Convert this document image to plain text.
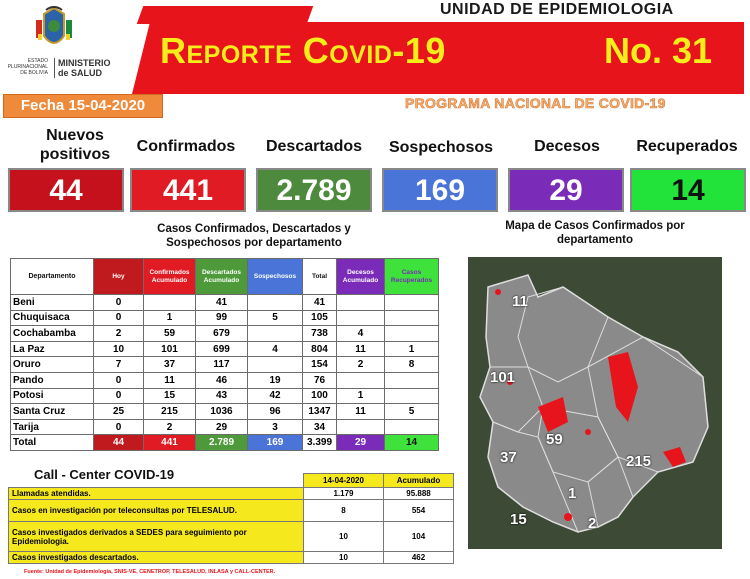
ESTADO PLURINACIONAL DE BOLIVIA
MINISTERIO de SALUD
UNIDAD DE EPIDEMIOLOGIA
Reporte Covid-19	No. 31
Fecha 15-04-2020	PROGRAMA NACIONAL DE COVID-19
Nuevos positivos	Confirmados	Descartados	Sospechosos	Decesos	Recuperados
44	441	2.789	169	29	14
Casos Confirmados, Descartados y Sospechosos por departamento
Mapa de Casos Confirmados por departamento
Departamento	Hoy	Confirmados Acumulado	Descartados Acumulado	Sospechosos	Total	Decesos Acumulado	Casos Recuperados
Beni	0		41		41		
Chuquisaca	0	1	99	5	105		
Cochabamba	2	59	679		738	4	
La Paz	10	101	699	4	804	11	1
Oruro	7	37	117		154	2	8
Pando	0	11	46	19	76		
Potosi	0	15	43	42	100	1	
Santa Cruz	25	215	1036	96	1347	11	5
Tarija	0	2	29	3	34		
Total	44	441	2.789	169	3.399	29	14
11
101
59
37	215
1
15	2
	14-04-2020	Acumulado
Llamadas atendidas.	1.179	95.888
Casos en investigación por teleconsultas por TELESALUD.	8	554
Casos investigados derivados a SEDES para seguimiento por Epidemiologia.	10	104
Casos investigados descartados.	10	462
Call - Center COVID-19
Fuente: Unidad de Epidemiología, SNIS-VE, CENETROP, TELESALUD, INLASA y CALL-CENTER.
